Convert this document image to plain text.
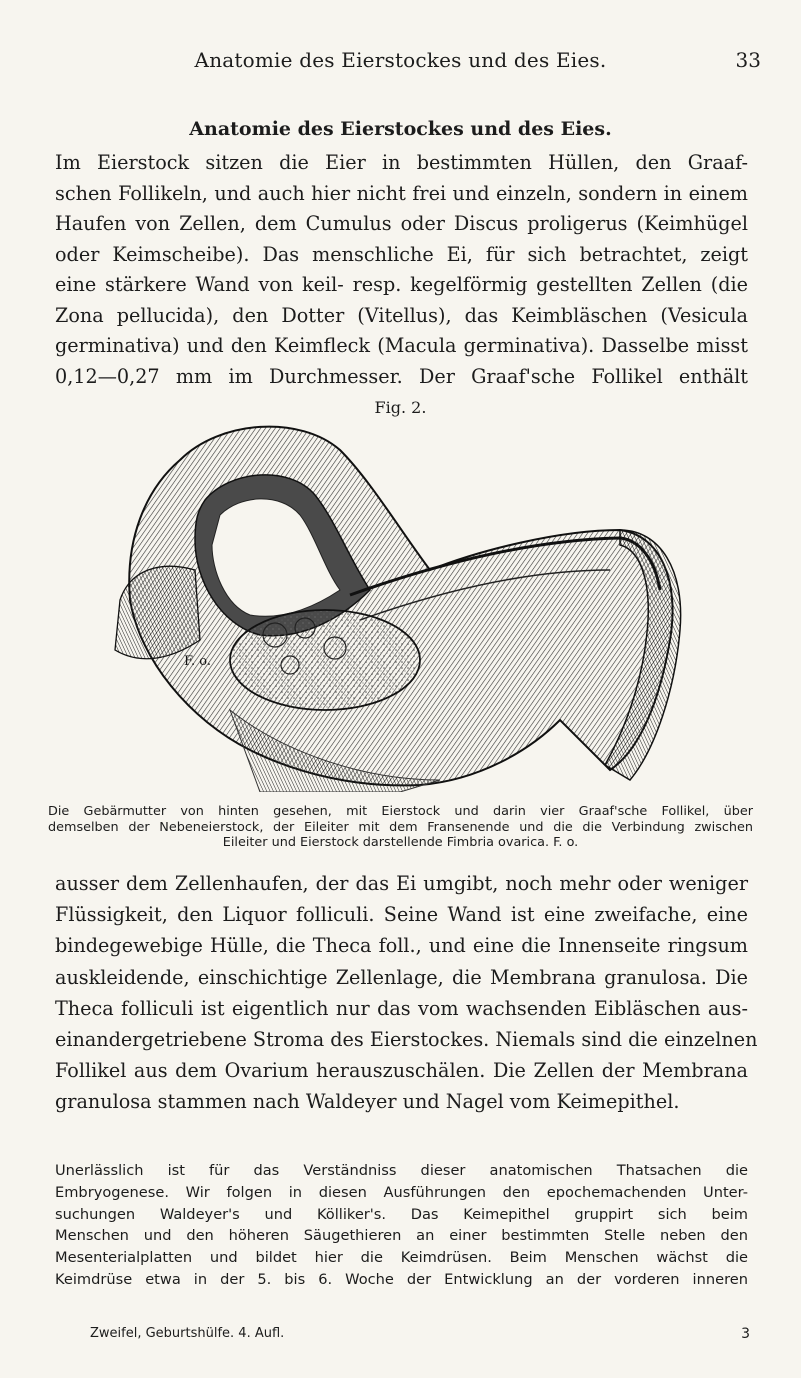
Anatomie des Eierstockes und des Eies.	33
Anatomie des Eierstockes und des Eies.
Im Eierstock sitzen die Eier in bestimmten Hüllen, den Graaf-
schen Follikeln, und auch hier nicht frei und einzeln, sondern in einem
Haufen von Zellen, dem Cumulus oder Discus proligerus (Keimhügel
oder Keimscheibe). Das menschliche Ei, für sich betrachtet, zeigt
eine stärkere Wand von keil- resp. kegelförmig gestellten Zellen (die
Zona pellucida), den Dotter (Vitellus), das Keimbläschen (Vesicula
germinativa) und den Keimfleck (Macula germinativa). Dasselbe misst
0,12—0,27 mm im Durchmesser. Der Graaf'sche Follikel enthält
Fig. 2.
F. o.
Die Gebärmutter von hinten gesehen, mit Eierstock und darin vier Graaf'sche Follikel, über
demselben der Nebeneierstock, der Eileiter mit dem Fransenende und die die Verbindung zwischen
Eileiter und Eierstock darstellende Fimbria ovarica. F. o.
ausser dem Zellenhaufen, der das Ei umgibt, noch mehr oder weniger
Flüssigkeit, den Liquor folliculi. Seine Wand ist eine zweifache, eine
bindegewebige Hülle, die Theca foll., und eine die Innenseite ringsum
auskleidende, einschichtige Zellenlage, die Membrana granulosa. Die
Theca folliculi ist eigentlich nur das vom wachsenden Eibläschen aus-
einandergetriebene Stroma des Eierstockes. Niemals sind die einzelnen
Follikel aus dem Ovarium herauszuschälen. Die Zellen der Membrana
granulosa stammen nach Waldeyer und Nagel vom Keimepithel.
Unerlässlich ist für das Verständniss dieser anatomischen Thatsachen die
Embryogenese. Wir folgen in diesen Ausführungen den epochemachenden Unter-
suchungen Waldeyer's und Kölliker's. Das Keimepithel gruppirt sich beim
Menschen und den höheren Säugethieren an einer bestimmten Stelle neben den
Mesenterialplatten und bildet hier die Keimdrüsen. Beim Menschen wächst die
Keimdrüse etwa in der 5. bis 6. Woche der Entwicklung an der vorderen inneren
Zweifel, Geburtshülfe. 4. Aufl.	3
